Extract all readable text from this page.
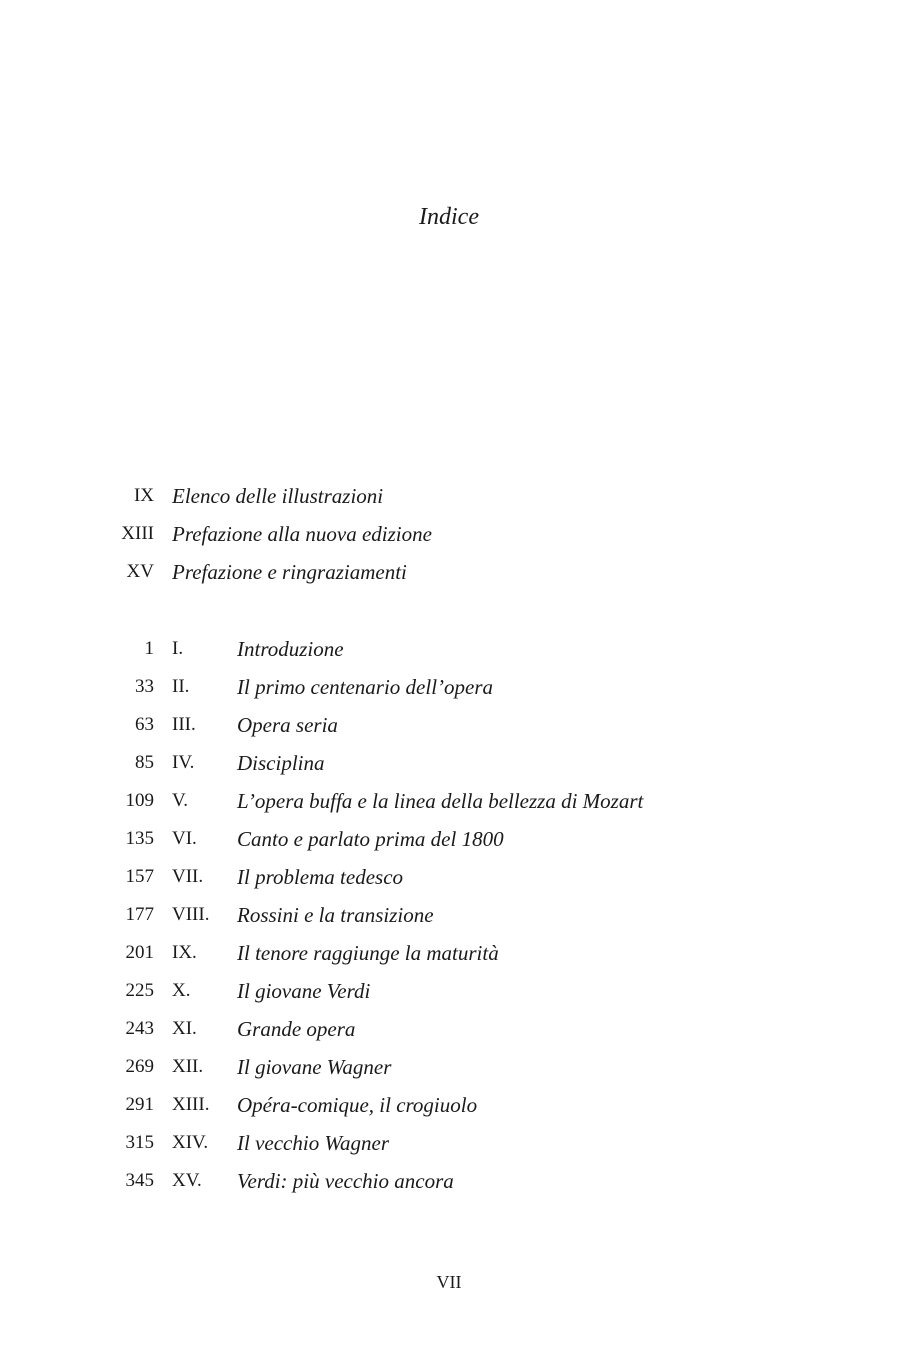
Indice
IX Elenco delle illustrazioni
XIII Prefazione alla nuova edizione
XV Prefazione e ringraziamenti
1 I.	Introduzione
33 II. Il primo centenario dell’opera
63 III. Opera seria
85 IV. Disciplina
109 V. L’opera buffa e la linea della bellezza di Mozart
135 VI. Canto e parlato prima del 1800
157 VII. Il problema tedesco
177 VIII. Rossini e la transizione
201 IX. Il tenore raggiunge la maturità
225 X. Il giovane Verdi
243 XI. Grande opera
269 XII. Il giovane Wagner
291 XIII. Opéra-comique, il crogiuolo
315 XIV. Il vecchio Wagner
345 XV. Verdi: più vecchio ancora
VII
